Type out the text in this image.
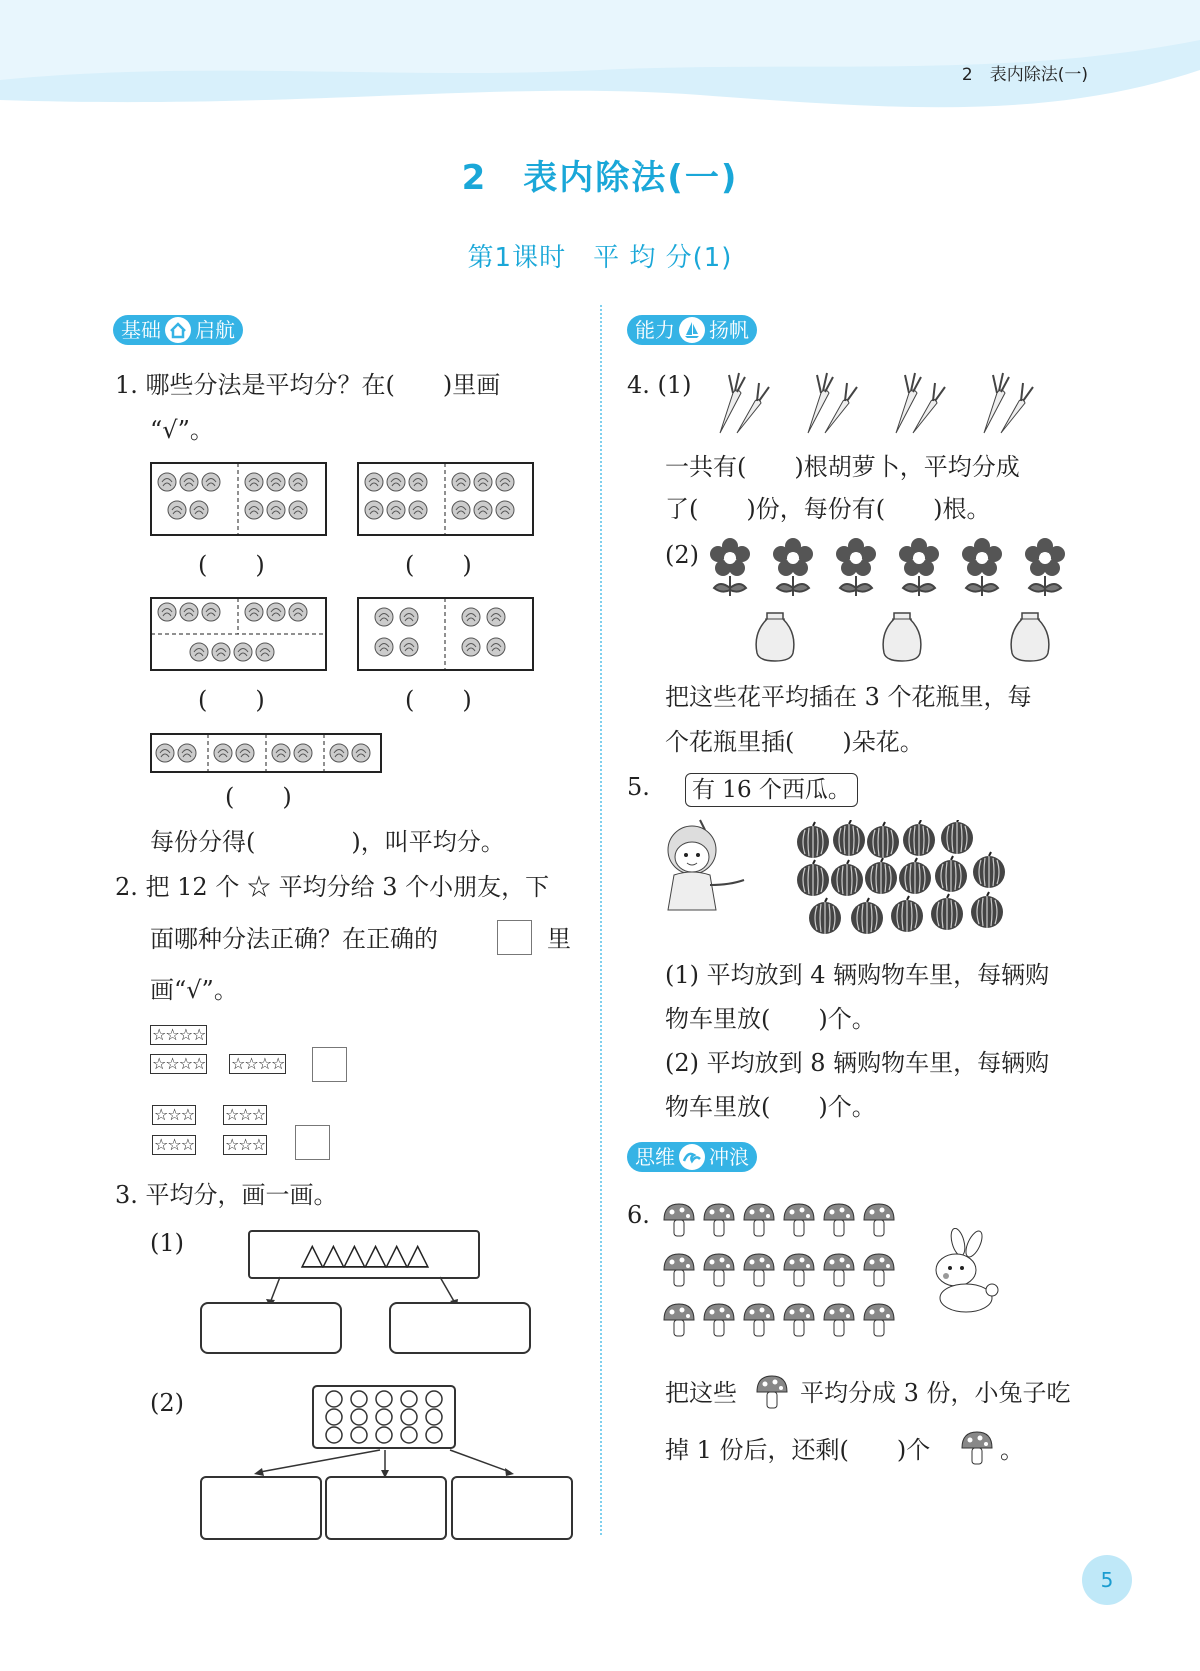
2　表内除法(一)
2　表内除法(一)
第1课时　平 均 分(1)
基础 启航
1. 哪些分法是平均分？在(　　)里画
“√”。
(　　)	(　　)
(　　)	(　　)
(　　)
每份分得(　　　　)，叫平均分。
2. 把 12 个 ☆ 平均分给 3 个小朋友，下
面哪种分法正确？在正确的	里
画“√”。
☆☆☆☆
☆☆☆☆ ☆☆☆☆
☆☆☆ ☆☆☆
☆☆☆ ☆☆☆
3. 平均分，画一画。
(1)	△△△△△△
(2)
能力 扬帆
4. (1)
一共有(　　)根胡萝卜，平均分成
了(　　)份，每份有(　　)根。
(2)
把这些花平均插在 3 个花瓶里，每
个花瓶里插(　　)朵花。
5.	有 16 个西瓜。
(1) 平均放到 4 辆购物车里，每辆购
物车里放(　　)个。
(2) 平均放到 8 辆购物车里，每辆购
物车里放(　　)个。
思维 冲浪
6.
把这些	平均分成 3 份，小兔子吃
掉 1 份后，还剩(　　)个	。
5
